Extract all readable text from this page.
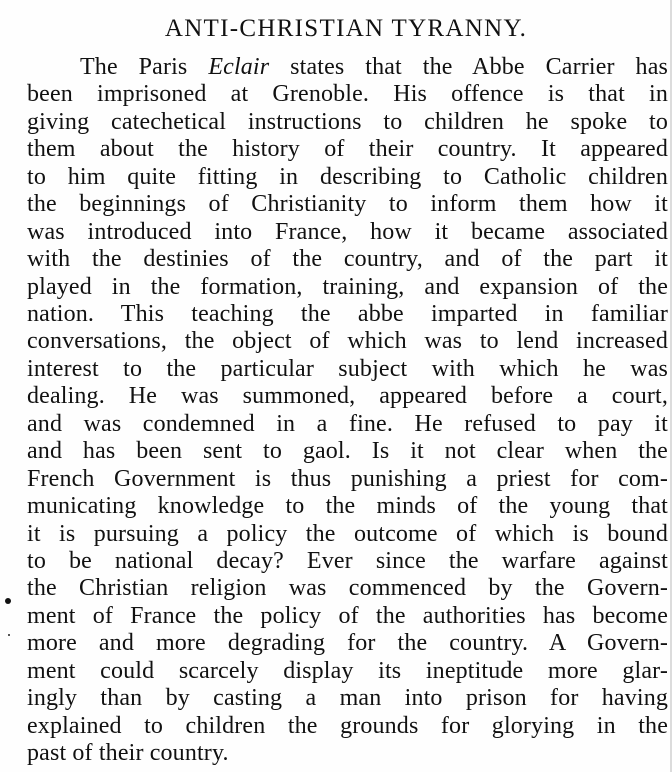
ANTI-CHRISTIAN TYRANNY.
The Paris Eclair states that the Abbe Carrier has
been imprisoned at Grenoble. His offence is that in
giving catechetical instructions to children he spoke to
them about the history of their country. It appeared
to him quite fitting in describing to Catholic children
the beginnings of Christianity to inform them how it
was introduced into France, how it became associated
with the destinies of the country, and of the part it
played in the formation, training, and expansion of the
nation. This teaching the abbe imparted in familiar
conversations, the object of which was to lend increased
interest to the particular subject with which he was
dealing. He was summoned, appeared before a court,
and was condemned in a fine. He refused to pay it
and has been sent to gaol. Is it not clear when the
French Government is thus punishing a priest for com-
municating knowledge to the minds of the young that
it is pursuing a policy the outcome of which is bound
to be national decay? Ever since the warfare against
the Christian religion was commenced by the Govern-
ment of France the policy of the authorities has become
more and more degrading for the country. A Govern-
ment could scarcely display its ineptitude more glar-
ingly than by casting a man into prison for having
explained to children the grounds for glorying in the
past of their country.
